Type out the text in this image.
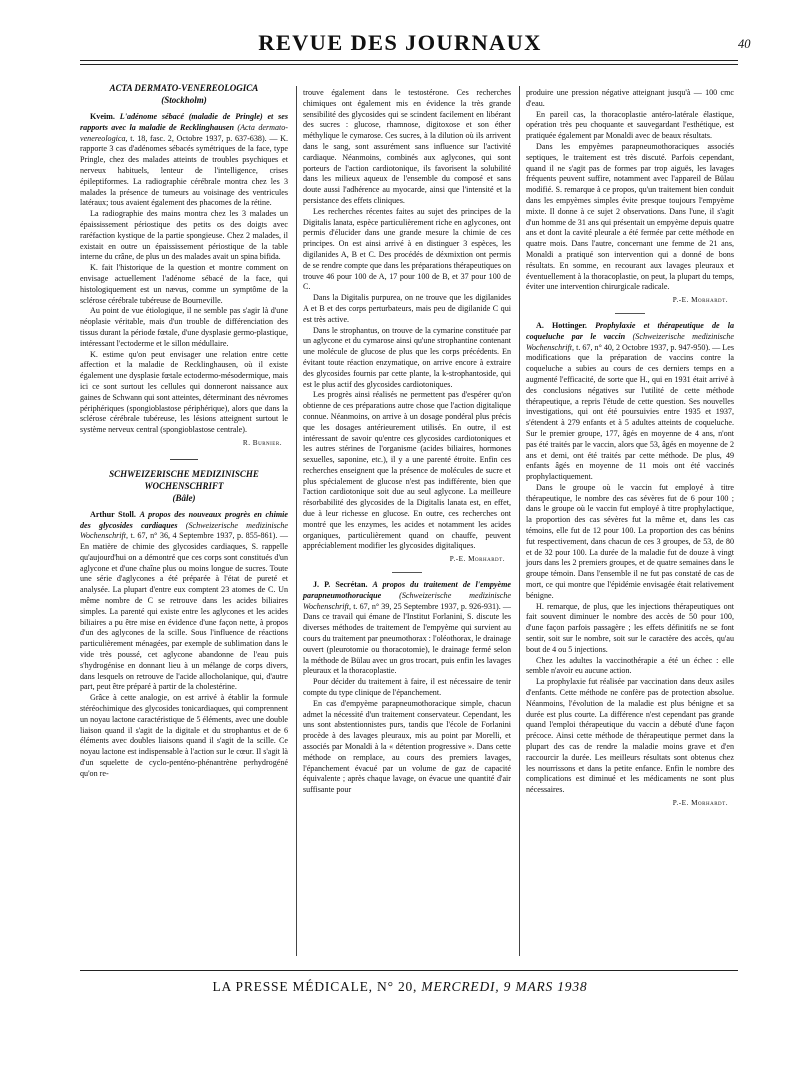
REVUE DES JOURNAUX	40

ACTA DERMATO-VENEREOLOGICA

(Stockholm)

Kveim. L'adénome sébacé (maladie de Pringle) et ses rapports avec la maladie de Recklinghausen (Acta dermato-venereologica, t. 18, fasc. 2, Octobre 1937, p. 637-638). — K. rapporte 3 cas d'adénomes sébacés symétriques de la face, type Pringle, chez des malades atteints de troubles psychiques et nerveux habituels, lenteur de l'intelligence, crises épileptiformes. La radiographie cérébrale montra chez les 3 malades la présence de tumeurs au voisinage des ventricules latéraux; tous avaient également des phacomes de la rétine.

La radiographie des mains montra chez les 3 malades un épaississement périostique des petits os des doigts avec raréfaction kystique de la partie spongieuse. Chez 2 malades, il existait en outre un épaississement périostique de la table interne du crâne, de plus un des malades avait un spina bifida.

K. fait l'historique de la question et montre comment on envisage actuellement l'adénome sébacé de la face, qui histologiquement est un nævus, comme un symptôme de la sclérose cérébrale tubéreuse de Bourneville.

Au point de vue étiologique, il ne semble pas s'agir là d'une néoplasie véritable, mais d'un trouble de différenciation des tissus durant la période fœtale, d'une dysplasie germo-plastique, intéressant l'ectoderme et le sillon médullaire.

K. estime qu'on peut envisager une relation entre cette affection et la maladie de Recklinghausen, où il existe également une dysplasie fœtale ectodermo-mésodermique, mais ici ce sont surtout les cellules qui donneront naissance aux gaines de Schwann qui sont atteintes, déterminant des névromes périphériques (spongioblastose périphérique), alors que dans la sclérose cérébrale tubéreuse, les lésions atteignent surtout le système nerveux central (spongioblastose centrale).

R. Burnier.

SCHWEIZERISCHE MEDIZINISCHE WOCHENSCHRIFT

(Bâle)

Arthur Stoll. A propos des nouveaux progrès en chimie des glycosides cardiaques (Schweizerische medizinische Wochenschrift, t. 67, n° 36, 4 Septembre 1937, p. 855-861). — En matière de chimie des glycosides cardiaques, S. rappelle qu'aujourd'hui on a démontré que ces corps sont constitués d'un aglycone et d'une chaîne plus ou moins longue de sucres. Toute une série d'aglycones a été préparée à l'état de pureté et analysée. La plupart d'entre eux comptent 23 atomes de C. Un même nombre de C se retrouve dans les acides biliaires simples. La parenté qui existe entre les aglycones et les acides biliaires a pu être mise en évidence d'une façon nette, à propos d'un des aglycones de la scille. Sous l'influence de réactions particulièrement ménagées, par exemple de sublimation dans le vide très poussé, cet aglycone abandonne de l'eau puis s'hydrogénise en donnant lieu à un mélange de corps divers, dans lesquels on retrouve de l'acide allocholanique, qui, d'autre part, peut être préparé à partir de la cholestérine.

Grâce à cette analogie, on est arrivé à établir la formule stéréochimique des glycosides tonicardiaques, qui comprennent un noyau lactone caractéristique de 5 éléments, avec une double liaison quand il s'agit de la digitale et du strophantus et de 6 éléments avec doubles liaisons quand il s'agit de la scille. Ce noyau lactone est indispensable à l'action sur le cœur. Il s'agit là d'un squelette de cyclo-penténo-phénantrène perhydrogéné qu'on re-

trouve également dans le testostérone. Ces recherches chimiques ont également mis en évidence la très grande sensibilité des glycosides qui se scindent facilement en libérant des sucres : glucose, rhamnose, digitoxose et son éther méthylique le cymarose. Ces sucres, à la dilution où ils arrivent dans le sang, sont assurément sans influence sur l'activité cardiaque. Néanmoins, combinés aux aglycones, qui sont porteurs de l'action cardiotonique, ils favorisent la solubilité dans les milieux aqueux de l'ensemble du composé et sans doute aussi l'adhérence au myocarde, ainsi que l'intensité et la persistance des effets cliniques.

Les recherches récentes faites au sujet des principes de la Digitalis lanata, espèce particulièrement riche en aglycones, ont permis d'élucider dans une grande mesure la chimie de ces principes. On est ainsi arrivé à en distinguer 3 espèces, les digilanides A, B et C. Des procédés de déxmixtion ont permis de se rendre compte que dans les préparations thérapeutiques on trouve 46 pour 100 de A, 17 pour 100 de B, et 37 pour 100 de C.

Dans la Digitalis purpurea, on ne trouve que les digilanides A et B et des corps perturbateurs, mais peu de digilanide C qui est très active.

Dans le strophantus, on trouve de la cymarine constituée par un aglycone et du cymarose ainsi qu'une strophantine contenant une molécule de glucose de plus que les corps précédents. En évitant toute réaction enzymatique, on arrive encore à extraire des glycosides fournis par cette plante, la k-strophantoside, qui est le plus actif des glycosides cardiotoniques.

Les progrès ainsi réalisés ne permettent pas d'espérer qu'on obtienne de ces préparations autre chose que l'action digitalique connue. Néanmoins, on arrive à un dosage pondéral plus précis que les dosages antérieurement utilisés. En outre, il est intéressant de savoir qu'entre ces glycosides cardiotoniques et les autres stérines de l'organisme (acides biliaires, hormones sexuelles, saponine, etc.), il y a une parenté étroite. Enfin ces recherches enseignent que la présence de molécules de sucre et plus spécialement de glucose n'est pas indifférente, bien que l'action cardiotonique soit due au seul aglycone. La meilleure résorbabilité des glycosides de la Digitalis lanata est, en effet, due à leur richesse en glucose. En outre, ces recherches ont montré que les enzymes, les acides et notamment les acides organiques, particulièrement quand on chauffe, peuvent appréciablement modifier les glycosides digitaliques.

P.-E. Morhardt.

J. P. Secrétan. A propos du traitement de l'empyème parapneumothoracique (Schweizerische medizinische Wochenschrift, t. 67, n° 39, 25 Septembre 1937, p. 926-931). — Dans ce travail qui émane de l'Institut Forlanini, S. discute les diverses méthodes de traitement de l'empyème qui survient au cours du traitement par pneumothorax : l'oléothorax, le drainage ouvert (pleurotomie ou thoracotomie), le drainage fermé selon la méthode de Bülau avec un gros trocart, puis enfin les lavages pleuraux et la thoracoplastie.

Pour décider du traitement à faire, il est nécessaire de tenir compte du type clinique de l'épanchement.

En cas d'empyème parapneumothoracique simple, chacun admet la nécessité d'un traitement conservateur. Cependant, les uns sont abstentionnistes purs, tandis que l'école de Forlanini procède à des lavages pleuraux, mis au point par Morelli, et associés par Monaldi à la « détention progressive ». Dans cette méthode on remplace, au cours des premiers lavages, l'épanchement évacué par un volume de gaz de capacité équivalente ; après chaque lavage, on évacue une quantité d'air suffisante pour

produire une pression négative atteignant jusqu'à — 100 cmc d'eau.

En pareil cas, la thoracoplastie antéro-latérale élastique, opération très peu choquante et sauvegardant l'esthétique, est pratiquée également par Monaldi avec de beaux résultats.

Dans les empyèmes parapneumothoraciques associés septiques, le traitement est très discuté. Parfois cependant, quand il ne s'agit pas de formes par trop aiguës, les lavages fréquents peuvent suffire, notamment avec l'appareil de Bülau modifié. S. remarque à ce propos, qu'un traitement bien conduit dans les empyèmes simples évite presque toujours l'empyème mixte. Il donne à ce sujet 2 observations. Dans l'une, il s'agit d'un homme de 31 ans qui présentait un empyème depuis quatre ans et dont la cavité pleurale a été fermée par cette méthode en quatre mois. Dans l'autre, concernant une femme de 21 ans, Monaldi a pratiqué son intervention qui a donné de bons résultats. En somme, en recourant aux lavages pleuraux et éventuellement à la thoracoplastie, on peut, la plupart du temps, éviter une intervention chirurgicale radicale.

P.-E. Morhardt.

A. Hottinger. Prophylaxie et thérapeutique de la coqueluche par le vaccin (Schweizerische medizinische Wochenschrift, t. 67, n° 40, 2 Octobre 1937, p. 947-950). — Les modifications que la préparation de vaccins contre la coqueluche a subies au cours de ces derniers temps en a augmenté l'efficacité, de sorte que H., qui en 1931 était arrivé à des conclusions négatives sur l'utilité de cette méthode thérapeutique, a repris l'étude de cette question. Ses nouvelles investigations, qui ont été poursuivies entre 1935 et 1937, s'étendent à 279 enfants et à 5 adultes atteints de coqueluche. Sur le premier groupe, 177, âgés en moyenne de 4 ans, n'ont pas été traités par le vaccin, alors que 53, âgés en moyenne de 2 ans et demi, ont été traités par cette méthode. De plus, 49 enfants âgés en moyenne de 11 mois ont été vaccinés prophylactiquement.

Dans le groupe où le vaccin fut employé à titre thérapeutique, le nombre des cas sévères fut de 6 pour 100 ; dans le groupe où le vaccin fut employé à titre prophylactique, la proportion des cas sévères fut la même et, dans les cas témoins, elle fut de 12 pour 100. La proportion des cas bénins fut respectivement, dans chacun de ces 3 groupes, de 53, de 80 et de 32 pour 100. La durée de la maladie fut de douze à vingt jours dans les 2 premiers groupes, et de quatre semaines dans le groupe témoin. Dans l'ensemble il ne fut pas constaté de cas de mort, ce qui montre que l'épidémie envisagée était relativement bénigne.

H. remarque, de plus, que les injections thérapeutiques ont fait souvent diminuer le nombre des accès de 50 pour 100, d'une façon parfois passagère ; les effets définitifs ne se font sentir, soit sur le nombre, soit sur le caractère des accès, qu'au bout de 4 ou 5 injections.

Chez les adultes la vaccinothérapie a été un échec : elle semble n'avoir eu aucune action.

La prophylaxie fut réalisée par vaccination dans deux asiles d'enfants. Cette méthode ne confère pas de protection absolue. Néanmoins, l'évolution de la maladie est plus bénigne et sa durée est plus courte. La différence n'est cependant pas grande quand l'emploi thérapeutique du vaccin a débuté d'une façon précoce. Ainsi cette méthode de thérapeutique permet dans la plupart des cas de rendre la maladie moins grave et d'en raccourcir la durée. Les meilleurs résultats sont obtenus chez les nourrissons et dans la petite enfance. Enfin le nombre des complications est diminué et les médicaments ne sont plus nécessaires.

P.-E. Morhardt.

LA PRESSE MÉDICALE, N° 20, MERCREDI, 9 MARS 1938
